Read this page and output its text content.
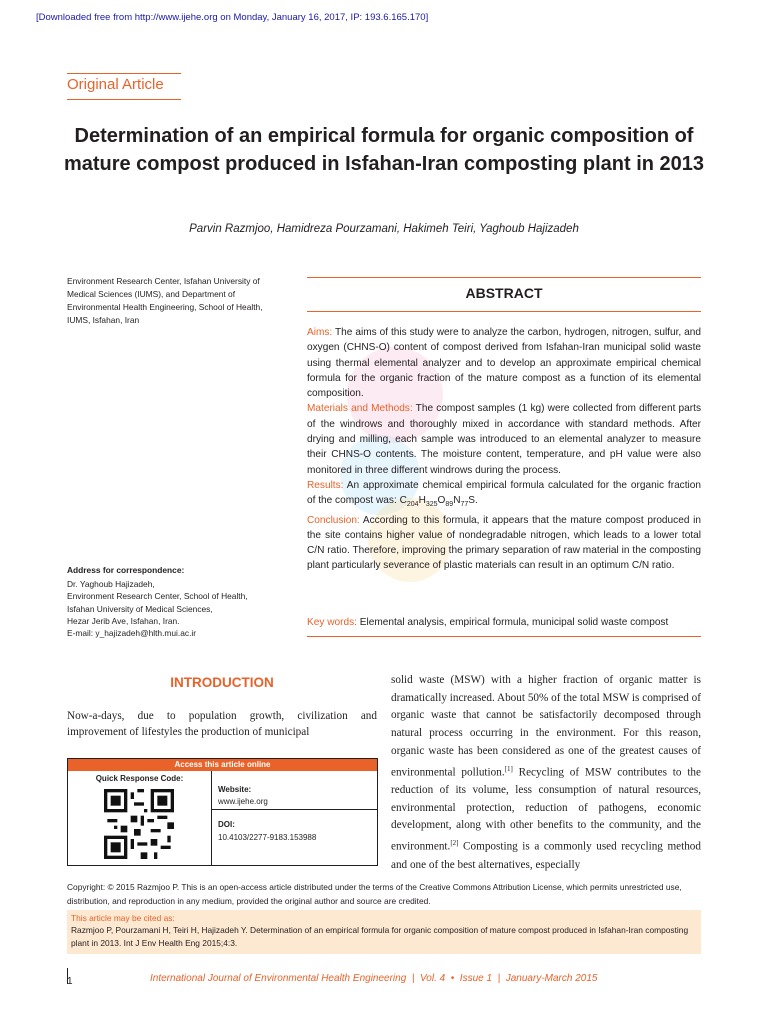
[Downloaded free from http://www.ijehe.org on Monday, January 16, 2017, IP: 193.6.165.170]
Original Article
Determination of an empirical formula for organic composition of mature compost produced in Isfahan-Iran composting plant in 2013
Parvin Razmjoo, Hamidreza Pourzamani, Hakimeh Teiri, Yaghoub Hajizadeh
Environment Research Center, Isfahan University of Medical Sciences (IUMS), and Department of Environmental Health Engineering, School of Health, IUMS, Isfahan, Iran
Address for correspondence:
Dr. Yaghoub Hajizadeh,
Environment Research Center, School of Health,
Isfahan University of Medical Sciences,
Hezar Jerib Ave, Isfahan, Iran.
E-mail: y_hajizadeh@hlth.mui.ac.ir
ABSTRACT

Aims: The aims of this study were to analyze the carbon, hydrogen, nitrogen, sulfur, and oxygen (CHNS-O) content of compost derived from Isfahan-Iran municipal solid waste using thermal elemental analyzer and to develop an approximate empirical chemical formula for the organic fraction of the mature compost as a function of its elemental composition.

Materials and Methods: The compost samples (1 kg) were collected from different parts of the windrows and thoroughly mixed in accordance with standard methods. After drying and milling, each sample was introduced to an elemental analyzer to measure their CHNS-O contents. The moisture content, temperature, and pH value were also monitored in three different windrows during the process.

Results: An approximate chemical empirical formula calculated for the organic fraction of the compost was: $C_{204}H_{325}O_{89}N_{77}S$.

Conclusion: According to this formula, it appears that the mature compost produced in the site contains higher value of nondegradable nitrogen, which leads to a lower total C/N ratio. Therefore, improving the primary separation of raw material in the composting plant particularly severance of plastic materials can result in an optimum C/N ratio.

Key words: Elemental analysis, empirical formula, municipal solid waste compost
INTRODUCTION
Now-a-days, due to population growth, civilization and improvement of lifestyles the production of municipal
solid waste (MSW) with a higher fraction of organic matter is dramatically increased. About 50% of the total MSW is comprised of organic waste that cannot be satisfactorily decomposed through natural process occurring in the environment. For this reason, organic waste has been considered as one of the greatest causes of environmental pollution.[1] Recycling of MSW contributes to the reduction of its volume, less consumption of natural resources, environmental protection, reduction of pathogens, economic development, along with other benefits to the community, and the environment.[2] Composting is a commonly used recycling method and one of the best alternatives, especially
Access this article online
Quick Response Code:
Website:
www.ijehe.org
DOI:
10.4103/2277-9183.153988
Copyright: © 2015 Razmjoo P. This is an open-access article distributed under the terms of the Creative Commons Attribution License, which permits unrestricted use, distribution, and reproduction in any medium, provided the original author and source are credited.
This article may be cited as:
Razmjoo P, Pourzamani H, Teiri H, Hajizadeh Y. Determination of an empirical formula for organic composition of mature compost produced in Isfahan-Iran composting plant in 2013. Int J Env Health Eng 2015;4:3.
1	International Journal of Environmental Health Engineering  |  Vol. 4  •  Issue 1  |  January-March 2015
